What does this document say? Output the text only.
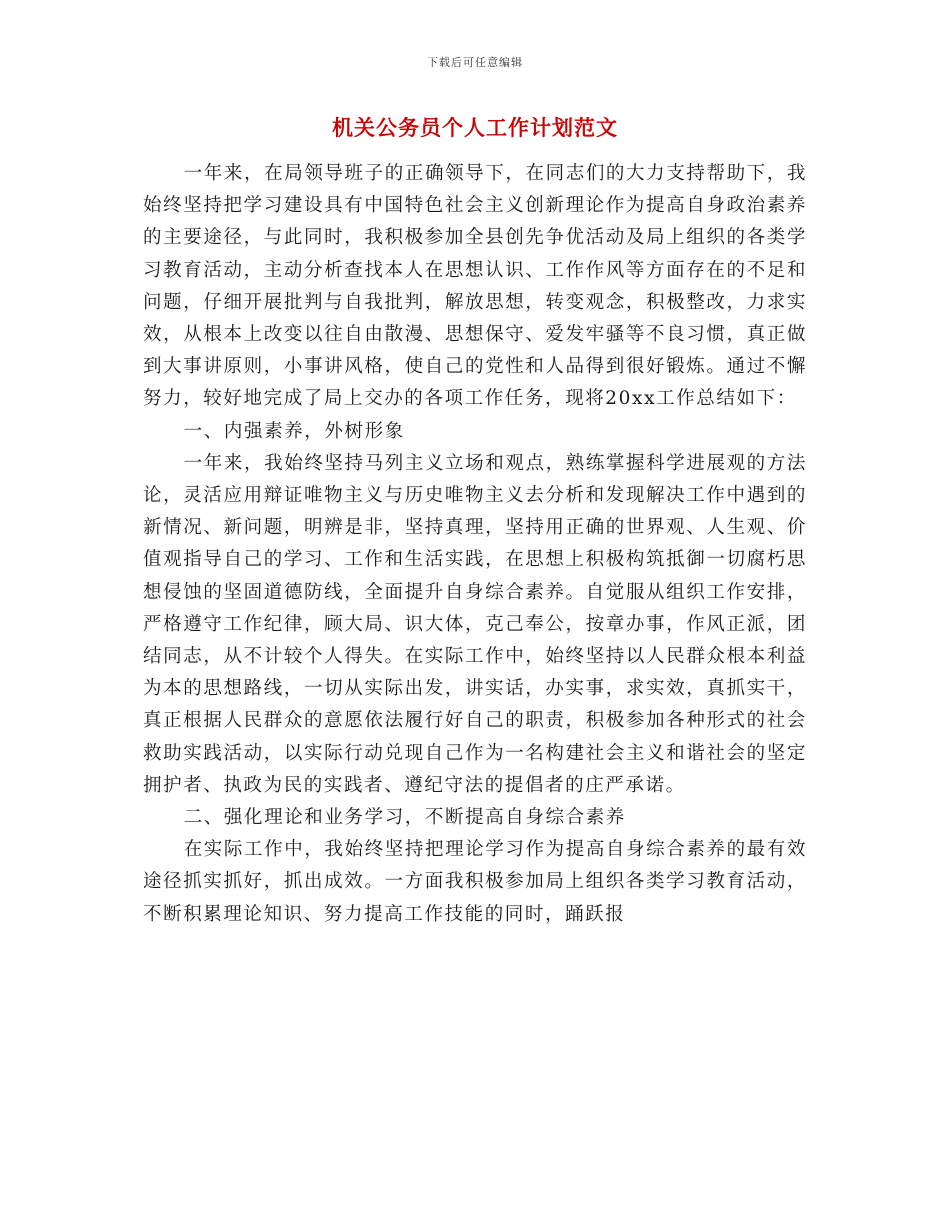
下载后可任意编辑
机关公务员个人工作计划范文

一年来，在局领导班子的正确领导下，在同志们的大力支持帮助下，我始终坚持把学习建设具有中国特色社会主义创新理论作为提高自身政治素养的主要途径，与此同时，我积极参加全县创先争优活动及局上组织的各类学习教育活动，主动分析查找本人在思想认识、工作作风等方面存在的不足和问题，仔细开展批判与自我批判，解放思想，转变观念，积极整改，力求实效，从根本上改变以往自由散漫、思想保守、爱发牢骚等不良习惯，真正做到大事讲原则，小事讲风格，使自己的党性和人品得到很好锻炼。通过不懈努力，较好地完成了局上交办的各项工作任务，现将20xx工作总结如下：

一、内强素养，外树形象

一年来，我始终坚持马列主义立场和观点，熟练掌握科学进展观的方法论，灵活应用辩证唯物主义与历史唯物主义去分析和发现解决工作中遇到的新情况、新问题，明辨是非，坚持真理，坚持用正确的世界观、人生观、价值观指导自己的学习、工作和生活实践，在思想上积极构筑抵御一切腐朽思想侵蚀的坚固道德防线，全面提升自身综合素养。自觉服从组织工作安排，严格遵守工作纪律，顾大局、识大体，克己奉公，按章办事，作风正派，团结同志，从不计较个人得失。在实际工作中，始终坚持以人民群众根本利益为本的思想路线，一切从实际出发，讲实话，办实事，求实效，真抓实干，真正根据人民群众的意愿依法履行好自己的职责，积极参加各种形式的社会救助实践活动，以实际行动兑现自己作为一名构建社会主义和谐社会的坚定拥护者、执政为民的实践者、遵纪守法的提倡者的庄严承诺。

二、强化理论和业务学习，不断提高自身综合素养

在实际工作中，我始终坚持把理论学习作为提高自身综合素养的最有效途径抓实抓好，抓出成效。一方面我积极参加局上组织各类学习教育活动，不断积累理论知识、努力提高工作技能的同时，踊跃报
